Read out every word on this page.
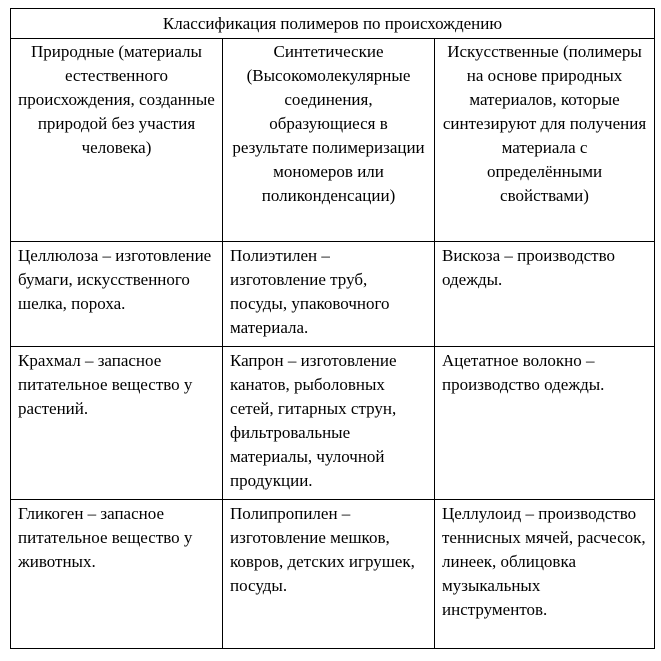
Классификация полимеров по происхождению		

Природные (материалы естественного происхождения, созданные природой без участия человека)	Синтетические (Высокомолекулярные соединения, образующиеся в результате полимеризации мономеров или поликонденсации)	Искусственные (полимеры на основе природных материалов, которые синтезируют для получения материала с определёнными свойствами)

Целлюлоза – изготовление бумаги, искусственного шелка, пороха.	Полиэтилен – изготовление труб, посуды, упаковочного материала.	Вискоза – производство одежды.

Крахмал – запасное питательное вещество у растений.	Капрон – изготовление канатов, рыболовных сетей, гитарных струн, фильтровальные материалы, чулочной продукции.	Ацетатное волокно – производство одежды.

Гликоген – запасное питательное вещество у животных.	Полипропилен – изготовление мешков, ковров, детских игрушек, посуды.	Целлулоид – производство теннисных мячей, расчесок, линеек, облицовка музыкальных инструментов.
